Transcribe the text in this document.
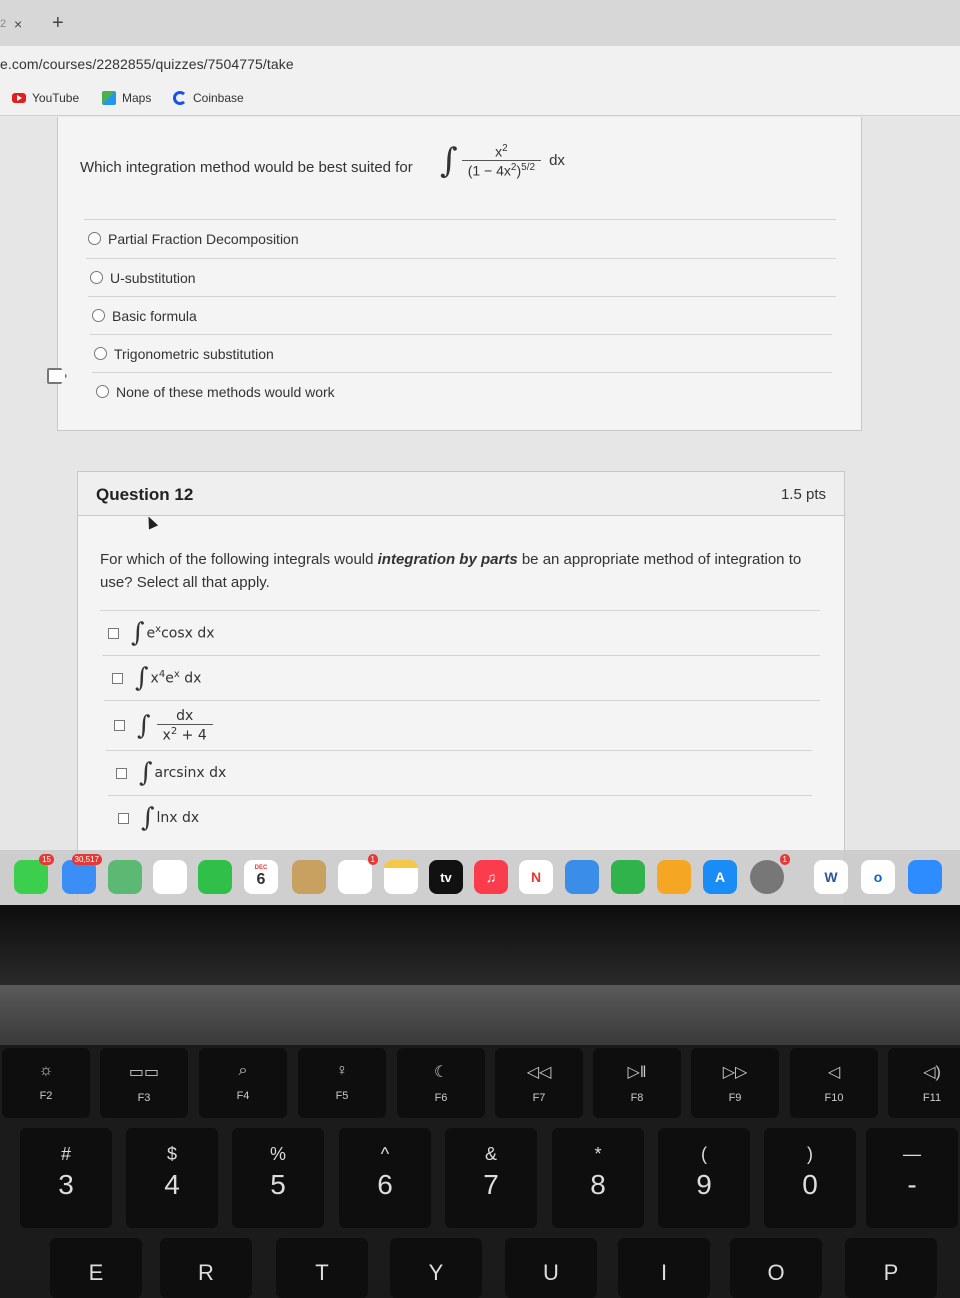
2 × +
e.com/courses/2282855/quizzes/7504775/take
YouTube	Maps	Coinbase
Which integration method would be best suited for ∫ $\frac{x^2}{(1 - 4x^2)^{5/2}}$ dx
Partial Fraction Decomposition
U-substitution
Basic formula
Trigonometric substitution
None of these methods would work
Question 12	1.5 pts
For which of the following integrals would integration by parts be an appropriate method of integration to use? Select all that apply.
∫ $e^x\cos x$ dx
∫ $x^4e^x$ dx
∫ $\frac{dx}{x^2 + 4}$
∫ arcsinx dx
∫ lnx dx
15	30,517
DEC
6
1
tv	♫	N	A
1
W	o
☼
F2
▭▭
F3
⌕
F4
♀
F5
☾
F6
◁◁
F7
▷‖
F8
▷▷
F9
◁
F10
◁)
F11
#
3
$
4
%
5
^
6
&
7
*
8
(
9
)
0
—
-
E	R	T	Y	U	I	O	P
